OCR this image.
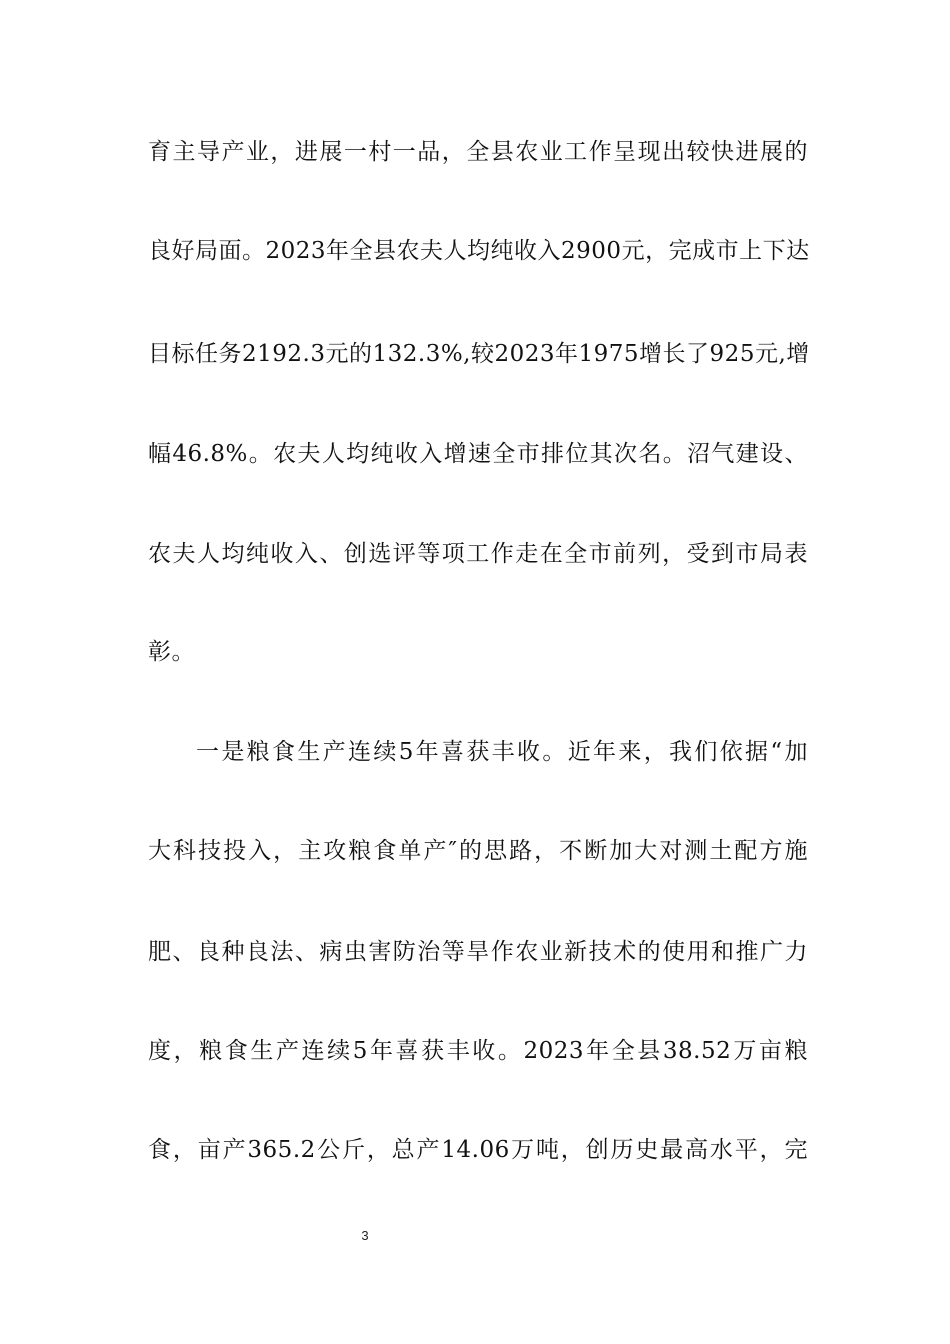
育主导产业，进展一村一品，全县农业工作呈现出较快进展的
良好局面。2023年全县农夫人均纯收入2900元，完成市上下达
目标任务2192.3元的132.3%,较2023年1975增长了925元,增
幅46.8%。农夫人均纯收入增速全市排位其次名。沼气建设、
农夫人均纯收入、创选评等项工作走在全市前列，受到市局表
彰。
一是粮食生产连续5年喜获丰收。近年来，我们依据“加
大科技投入，主攻粮食单产″的思路，不断加大对测土配方施
肥、良种良法、病虫害防治等旱作农业新技术的使用和推广力
度，粮食生产连续5年喜获丰收。2023年全县38.52万亩粮
食，亩产365.2公斤，总产14.06万吨，创历史最高水平，完
3
